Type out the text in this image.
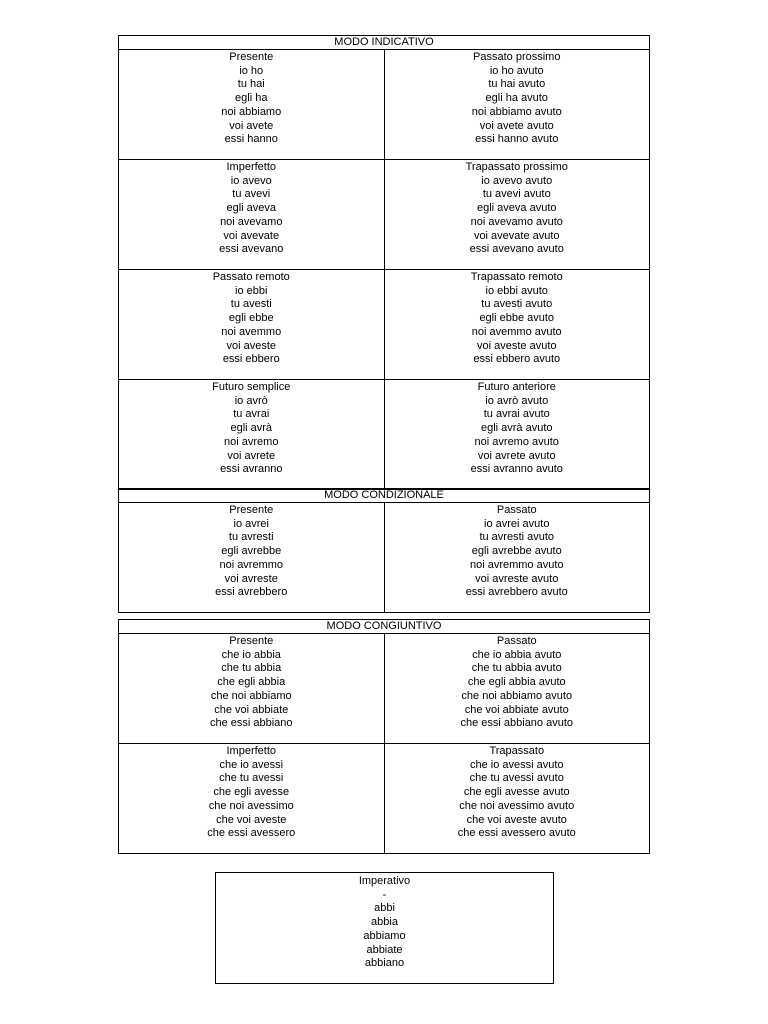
MODO INDICATIVO
Presente
io ho
tu hai
egli ha
noi abbiamo
voi avete
essi hanno
Passato prossimo
io ho avuto
tu hai avuto
egli ha avuto
noi abbiamo avuto
voi avete avuto
essi hanno avuto
Imperfetto
io avevo
tu avevi
egli aveva
noi avevamo
voi avevate
essi avevano
Trapassato prossimo
io avevo avuto
tu avevi avuto
egli aveva avuto
noi avevamo avuto
voi avevate avuto
essi avevano avuto
Passato remoto
io ebbi
tu avesti
egli ebbe
noi avemmo
voi aveste
essi ebbero
Trapassato remoto
io ebbi avuto
tu avesti avuto
egli ebbe avuto
noi avemmo avuto
voi aveste avuto
essi ebbero avuto
Futuro semplice
io avrò
tu avrai
egli avrà
noi avremo
voi avrete
essi avranno
Futuro anteriore
io avrò avuto
tu avrai avuto
egli avrà avuto
noi avremo avuto
voi avrete avuto
essi avranno avuto
MODO CONDIZIONALE
Presente
io avrei
tu avresti
egli avrebbe
noi avremmo
voi avreste
essi avrebbero
Passato
io avrei avuto
tu avresti avuto
egli avrebbe avuto
noi avremmo avuto
voi avreste avuto
essi avrebbero avuto
MODO CONGIUNTIVO
Presente
che io abbia
che tu abbia
che egli abbia
che noi abbiamo
che voi abbiate
che essi abbiano
Passato
che io abbia avuto
che tu abbia avuto
che egli abbia avuto
che noi abbiamo avuto
che voi abbiate avuto
che essi abbiano avuto
Imperfetto
che io avessi
che tu avessi
che egli avesse
che noi avessimo
che voi aveste
che essi avessero
Trapassato
che io avessi avuto
che tu avessi avuto
che egli avesse avuto
che noi avessimo avuto
che voi aveste avuto
che essi avessero avuto
Imperativo
-
abbi
abbia
abbiamo
abbiate
abbiano
